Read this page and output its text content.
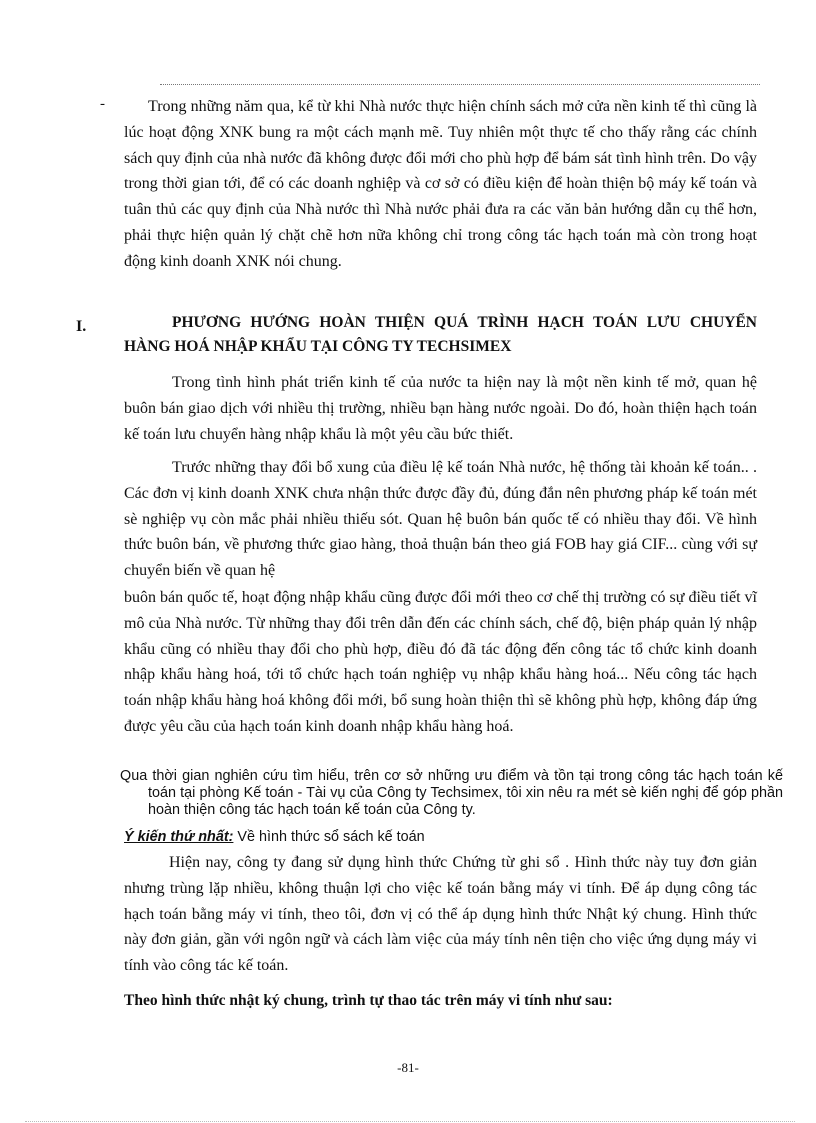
-	Trong những năm qua, kể từ khi Nhà nước thực hiện chính sách mở cửa nền kinh tế thì cũng là lúc hoạt động XNK bung ra một cách mạnh mẽ. Tuy nhiên một thực tế cho thấy rằng các chính sách quy định của nhà nước đã không được đổi mới cho phù hợp để bám sát tình hình trên. Do vậy trong thời gian tới, để có các doanh nghiệp và cơ sở có điều kiện để hoàn thiện bộ máy kế toán và tuân thủ các quy định của Nhà nước thì Nhà nước phải đưa ra các văn bản hướng dẫn cụ thể hơn, phải thực hiện quản lý chặt chẽ hơn nữa không chỉ trong công tác hạch toán mà còn trong hoạt động kinh doanh XNK nói chung.
I.	PHƯƠNG HƯỚNG HOÀN THIỆN QUÁ TRÌNH HẠCH TOÁN LƯU CHUYỂN HÀNG HOÁ NHẬP KHẨU TẠI CÔNG TY TECHSIMEX
Trong tình hình phát triển kinh tế của nước ta hiện nay là một nền kinh tế mở, quan hệ buôn bán giao dịch với nhiều thị trường, nhiều bạn hàng nước ngoài. Do đó, hoàn thiện hạch toán kế toán lưu chuyển hàng nhập khẩu là một yêu cầu bức thiết.
Trước những thay đổi bổ xung của điều lệ kế toán Nhà nước, hệ thống tài khoản kế toán.. . Các đơn vị kinh doanh XNK chưa nhận thức được đầy đủ, đúng đắn nên phương pháp kế toán mét sè nghiệp vụ còn mắc phải nhiều thiếu sót. Quan hệ buôn bán quốc tế có nhiều thay đổi. Về hình thức buôn bán, về phương thức giao hàng, thoả thuận bán theo giá FOB hay giá CIF... cùng với sự chuyển biến về quan hệ
buôn bán quốc tế, hoạt động nhập khẩu cũng được đổi mới theo cơ chế thị trường có sự điều tiết vĩ mô của Nhà nước. Từ những thay đổi trên dẫn đến các chính sách, chế độ, biện pháp quản lý nhập khẩu cũng có nhiều thay đổi cho phù hợp, điều đó đã tác động đến công tác tổ chức kinh doanh nhập khẩu hàng hoá, tới tổ chức hạch toán nghiệp vụ nhập khẩu hàng hoá... Nếu công tác hạch toán nhập khẩu hàng hoá không đổi mới, bổ sung hoàn thiện thì sẽ không phù hợp, không đáp ứng được yêu cầu của hạch toán kinh doanh nhập khẩu hàng hoá.
Qua thời gian nghiên cứu tìm hiểu, trên cơ sở những ưu điểm và tồn tại trong công tác hạch toán kế toán tại phòng Kế toán - Tài vụ của Công ty Techsimex, tôi xin nêu ra mét sè kiến nghị để góp phần hoàn thiện công tác hạch toán kế toán của Công ty.
Ý kiến thứ nhất: Về hình thức sổ sách kế toán
Hiện nay, công ty đang sử dụng hình thức Chứng từ ghi sổ . Hình thức này tuy đơn giản nhưng trùng lặp nhiều, không thuận lợi cho việc kế toán bằng máy vi tính. Để áp dụng công tác hạch toán bằng máy vi tính, theo tôi, đơn vị có thể áp dụng hình thức Nhật ký chung. Hình thức này đơn giản, gần với ngôn ngữ và cách làm việc của máy tính nên tiện cho việc ứng dụng máy vi tính vào công tác kế toán.
Theo hình thức nhật ký chung, trình tự thao tác trên máy vi tính như sau:
-81-
